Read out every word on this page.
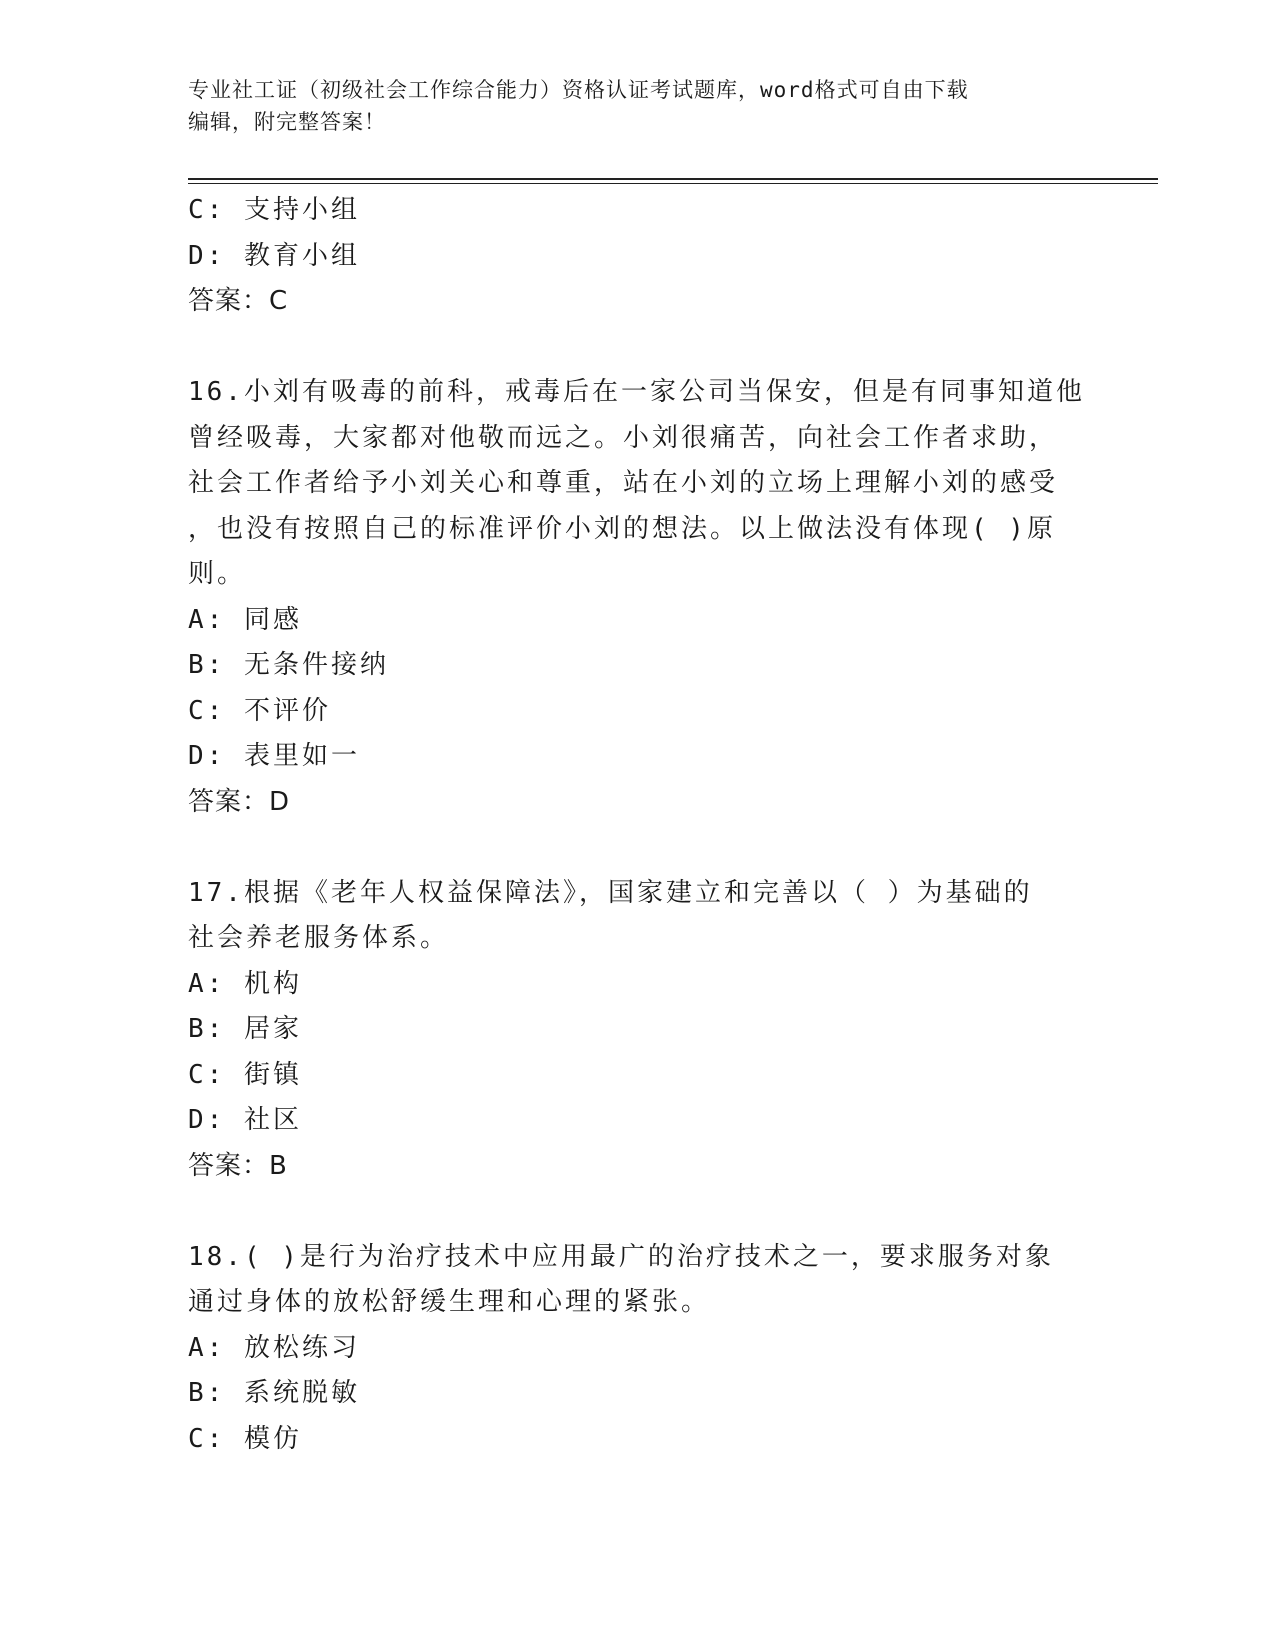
专业社工证（初级社会工作综合能力）资格认证考试题库，word格式可自由下载
编辑，附完整答案！
C: 支持小组
D: 教育小组
答案：C
16.小刘有吸毒的前科，戒毒后在一家公司当保安，但是有同事知道他
曾经吸毒，大家都对他敬而远之。小刘很痛苦，向社会工作者求助，
社会工作者给予小刘关心和尊重，站在小刘的立场上理解小刘的感受
，也没有按照自己的标准评价小刘的想法。以上做法没有体现( )原
则。
A: 同感
B: 无条件接纳
C: 不评价
D: 表里如一
答案：D
17.根据《老年人权益保障法》，国家建立和完善以（ ）为基础的
社会养老服务体系。
A: 机构
B: 居家
C: 街镇
D: 社区
答案：B
18.( )是行为治疗技术中应用最广的治疗技术之一，要求服务对象
通过身体的放松舒缓生理和心理的紧张。
A: 放松练习
B: 系统脱敏
C: 模仿
